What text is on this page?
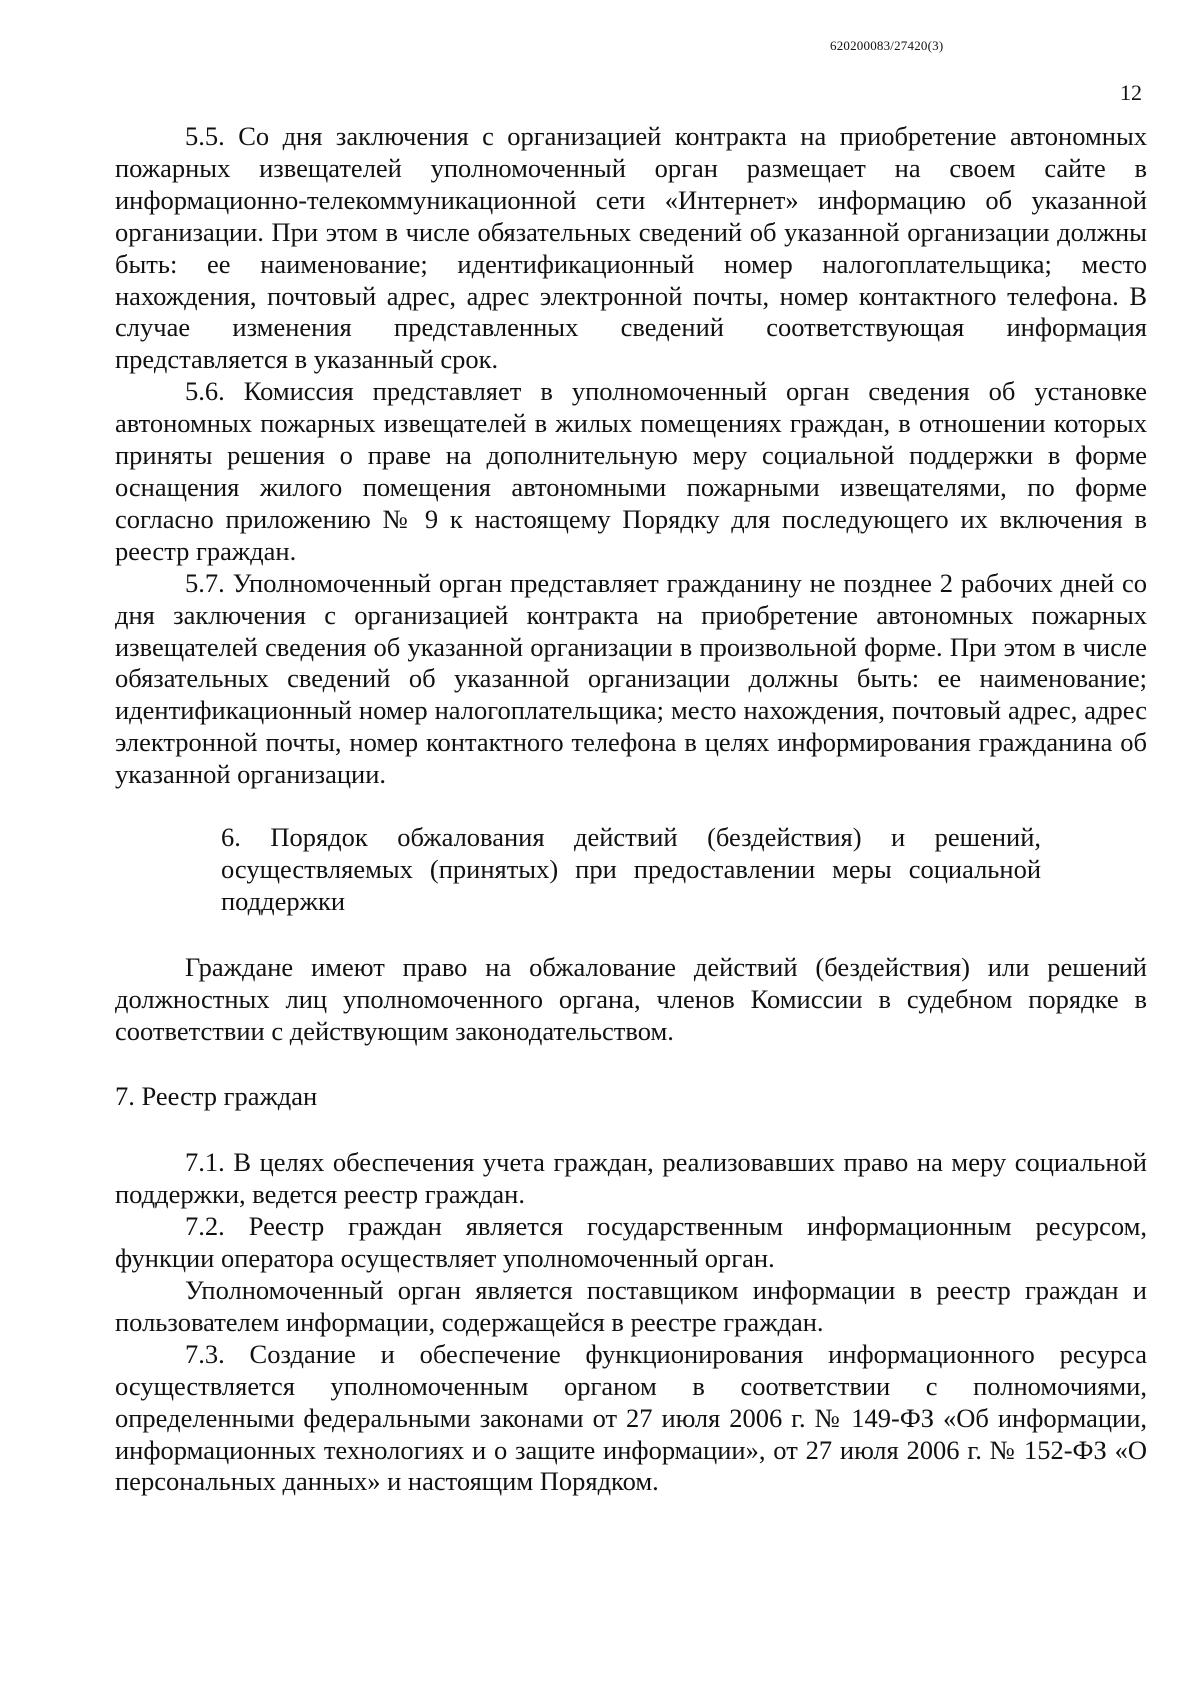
620200083/27420(3)
12

5.5. Со дня заключения с организацией контракта на приобретение автономных пожарных извещателей уполномоченный орган размещает на своем сайте в информационно-телекоммуникационной сети «Интернет» информацию об указанной организации. При этом в числе обязательных сведений об указанной организации должны быть: ее наименование; идентификационный номер налогоплательщика; место нахождения, почтовый адрес, адрес электронной почты, номер контактного телефона. В случае изменения представленных сведений соответствующая информация представляется в указанный срок.

5.6. Комиссия представляет в уполномоченный орган сведения об установке автономных пожарных извещателей в жилых помещениях граждан, в отношении которых приняты решения о праве на дополнительную меру социальной поддержки в форме оснащения жилого помещения автономными пожарными извещателями, по форме согласно приложению № 9 к настоящему Порядку для последующего их включения в реестр граждан.

5.7. Уполномоченный орган представляет гражданину не позднее 2 рабочих дней со дня заключения с организацией контракта на приобретение автономных пожарных извещателей сведения об указанной организации в произвольной форме. При этом в числе обязательных сведений об указанной организации должны быть: ее наименование; идентификационный номер налогоплательщика; место нахождения, почтовый адрес, адрес электронной почты, номер контактного телефона в целях информирования гражданина об указанной организации.

6. Порядок обжалования действий (бездействия) и решений, осуществляемых (принятых) при предоставлении меры социальной поддержки

Граждане имеют право на обжалование действий (бездействия) или решений должностных лиц уполномоченного органа, членов Комиссии в судебном порядке в соответствии с действующим законодательством.

7. Реестр граждан

7.1. В целях обеспечения учета граждан, реализовавших право на меру социальной поддержки, ведется реестр граждан.

7.2. Реестр граждан является государственным информационным ресурсом, функции оператора осуществляет уполномоченный орган.

Уполномоченный орган является поставщиком информации в реестр граждан и пользователем информации, содержащейся в реестре граждан.

7.3. Создание и обеспечение функционирования информационного ресурса осуществляется уполномоченным органом в соответствии с полномочиями, определенными федеральными законами от 27 июля 2006 г. № 149-ФЗ «Об информации, информационных технологиях и о защите информации», от 27 июля 2006 г. № 152-ФЗ «О персональных данных» и настоящим Порядком.
